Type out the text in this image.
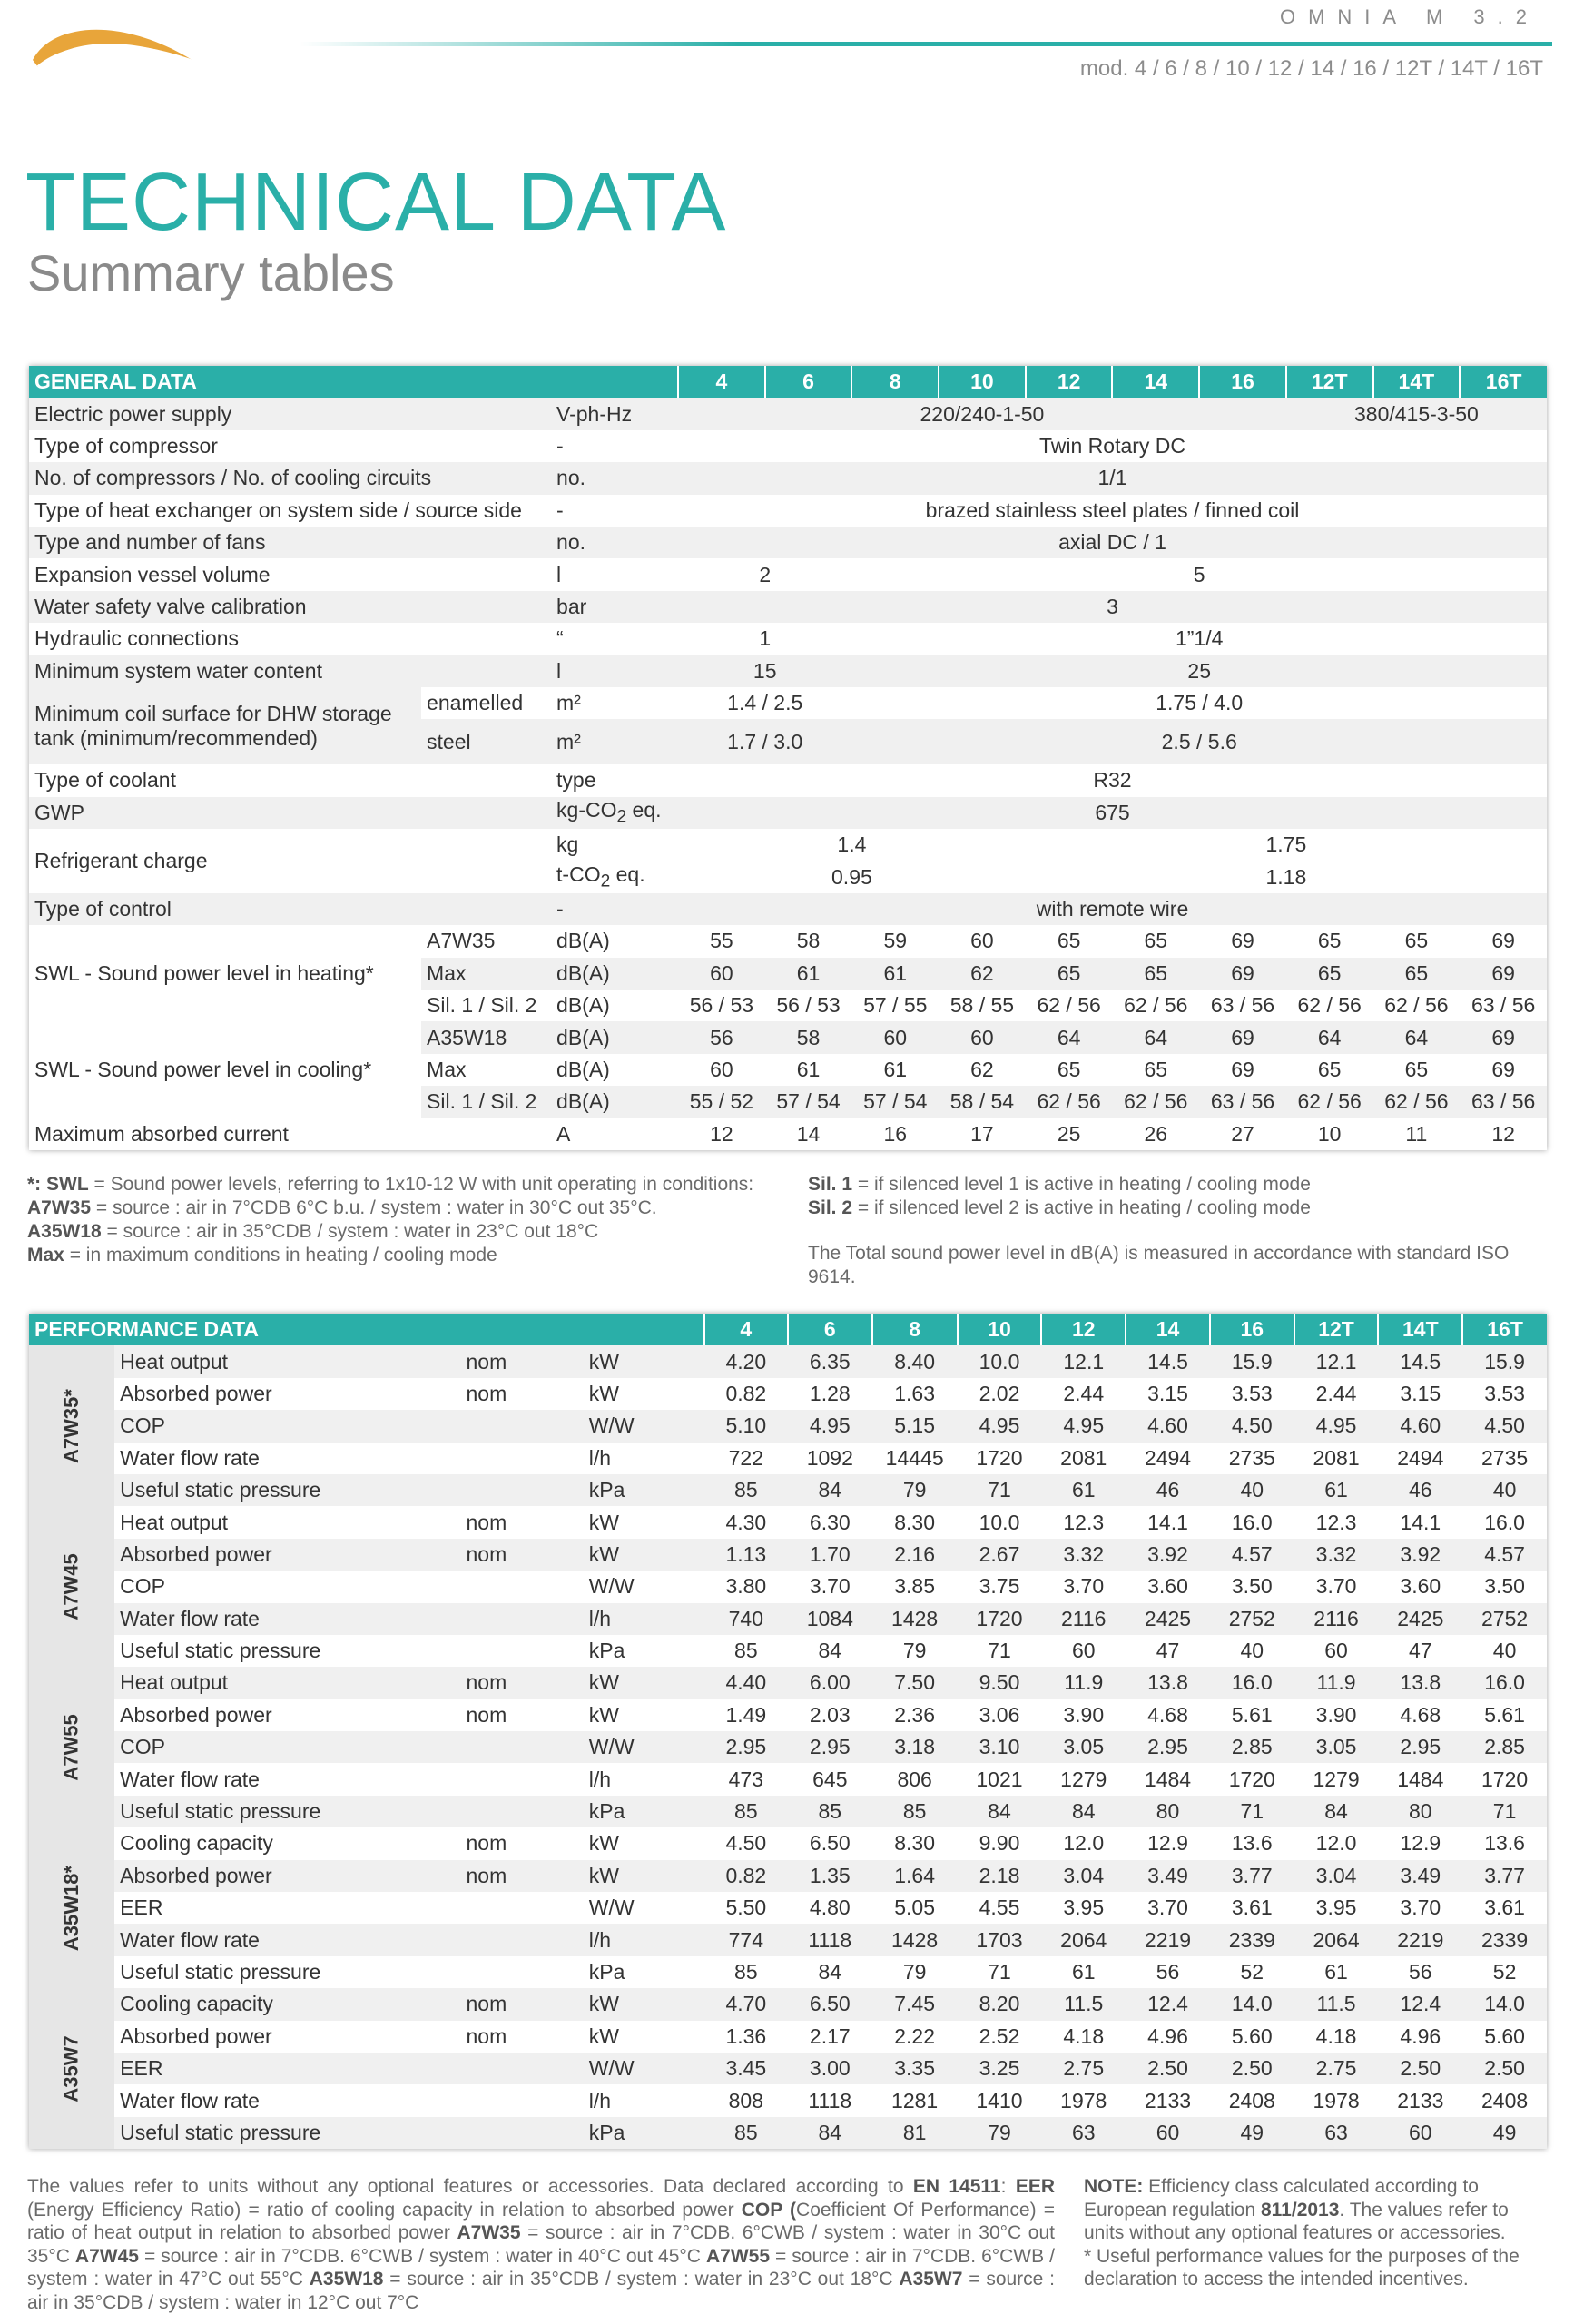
OMNIA M 3.2
mod. 4 / 6 / 8 / 10 / 12 / 14 / 16 / 12T / 14T / 16T
TECHNICAL DATA
Summary tables
GENERAL DATA			4	6	8	10	12	14	16	12T	14T	16T
Electric power supply		V-ph-Hz	220/240-1-50							380/415-3-50		
Type of compressor		-	Twin Rotary DC									
No. of compressors / No. of cooling circuits		no.	1/1									
Type of heat exchanger on system side / source side		-	brazed stainless steel plates / finned coil									
Type and number of fans		no.	axial DC / 1									
Expansion vessel volume		l	2		5							
Water safety valve calibration		bar	3									
Hydraulic connections		“	1		1”1/4							
Minimum system water content		l	15		25							
Minimum coil surface for DHW storage tank (minimum/recommended)	enamelled	m²	1.4 / 2.5		1.75 / 4.0							
	steel	m²	1.7 / 3.0		2.5 / 5.6							
Type of coolant		type	R32									
GWP		$kg-CO_2$ eq.	675									
Refrigerant charge		kg	1.4				1.75					
		$t-CO_2$ eq.	0.95				1.18					
Type of control		-	with remote wire									
SWL - Sound power level in heating*	A7W35	dB(A)	55	58	59	60	65	65	69	65	65	69
	Max	dB(A)	60	61	61	62	65	65	69	65	65	69
	Sil. 1 / Sil. 2	dB(A)	56 / 53	56 / 53	57 / 55	58 / 55	62 / 56	62 / 56	63 / 56	62 / 56	62 / 56	63 / 56
SWL - Sound power level in cooling*	A35W18	dB(A)	56	58	60	60	64	64	69	64	64	69
	Max	dB(A)	60	61	61	62	65	65	69	65	65	69
	Sil. 1 / Sil. 2	dB(A)	55 / 52	57 / 54	57 / 54	58 / 54	62 / 56	62 / 56	63 / 56	62 / 56	62 / 56	63 / 56
Maximum absorbed current		A	12	14	16	17	25	26	27	10	11	12
*: SWL = Sound power levels, referring to 1x10-12 W with unit operating in conditions:
A7W35 = source : air in 7°CDB 6°C b.u. / system : water in 30°C out 35°C.
A35W18 = source : air in 35°CDB / system : water in 23°C out 18°C
Max = in maximum conditions in heating / cooling mode
Sil. 1 = if silenced level 1 is active in heating / cooling mode
Sil. 2 = if silenced level 2 is active in heating / cooling mode

The Total sound power level in dB(A) is measured in accordance with standard ISO 9614.
PERFORMANCE DATA				4	6	8	10	12	14	16	12T	14T	16T
A7W35*	Heat output	nom	kW	4.20	6.35	8.40	10.0	12.1	14.5	15.9	12.1	14.5	15.9
	Absorbed power	nom	kW	0.82	1.28	1.63	2.02	2.44	3.15	3.53	2.44	3.15	3.53
	COP		W/W	5.10	4.95	5.15	4.95	4.95	4.60	4.50	4.95	4.60	4.50
	Water flow rate		l/h	722	1092	14445	1720	2081	2494	2735	2081	2494	2735
	Useful static pressure		kPa	85	84	79	71	61	46	40	61	46	40
A7W45	Heat output	nom	kW	4.30	6.30	8.30	10.0	12.3	14.1	16.0	12.3	14.1	16.0
	Absorbed power	nom	kW	1.13	1.70	2.16	2.67	3.32	3.92	4.57	3.32	3.92	4.57
	COP		W/W	3.80	3.70	3.85	3.75	3.70	3.60	3.50	3.70	3.60	3.50
	Water flow rate		l/h	740	1084	1428	1720	2116	2425	2752	2116	2425	2752
	Useful static pressure		kPa	85	84	79	71	60	47	40	60	47	40
A7W55	Heat output	nom	kW	4.40	6.00	7.50	9.50	11.9	13.8	16.0	11.9	13.8	16.0
	Absorbed power	nom	kW	1.49	2.03	2.36	3.06	3.90	4.68	5.61	3.90	4.68	5.61
	COP		W/W	2.95	2.95	3.18	3.10	3.05	2.95	2.85	3.05	2.95	2.85
	Water flow rate		l/h	473	645	806	1021	1279	1484	1720	1279	1484	1720
	Useful static pressure		kPa	85	85	85	84	84	80	71	84	80	71
A35W18*	Cooling capacity	nom	kW	4.50	6.50	8.30	9.90	12.0	12.9	13.6	12.0	12.9	13.6
	Absorbed power	nom	kW	0.82	1.35	1.64	2.18	3.04	3.49	3.77	3.04	3.49	3.77
	EER		W/W	5.50	4.80	5.05	4.55	3.95	3.70	3.61	3.95	3.70	3.61
	Water flow rate		l/h	774	1118	1428	1703	2064	2219	2339	2064	2219	2339
	Useful static pressure		kPa	85	84	79	71	61	56	52	61	56	52
A35W7	Cooling capacity	nom	kW	4.70	6.50	7.45	8.20	11.5	12.4	14.0	11.5	12.4	14.0
	Absorbed power	nom	kW	1.36	2.17	2.22	2.52	4.18	4.96	5.60	4.18	4.96	5.60
	EER		W/W	3.45	3.00	3.35	3.25	2.75	2.50	2.50	2.75	2.50	2.50
	Water flow rate		l/h	808	1118	1281	1410	1978	2133	2408	1978	2133	2408
	Useful static pressure		kPa	85	84	81	79	63	60	49	63	60	49
The values refer to units without any optional features or accessories. Data declared according to EN 14511: EER (Energy Efficiency Ratio) = ratio of cooling capacity in relation to absorbed power COP (Coefficient Of Performance) = ratio of heat output in relation to absorbed power A7W35 = source : air in 7°CDB. 6°CWB / system : water in 30°C out 35°C A7W45 = source : air in 7°CDB. 6°CWB / system : water in 40°C out 45°C A7W55 = source : air in 7°CDB. 6°CWB / system : water in 47°C out 55°C A35W18 = source : air in 35°CDB / system : water in 23°C out 18°C A35W7 = source : air in 35°CDB / system : water in 12°C out 7°C
NOTE: Efficiency class calculated according to European regulation 811/2013. The values refer to units without any optional features or accessories.
* Useful performance values for the purposes of the declaration to access the intended incentives.
